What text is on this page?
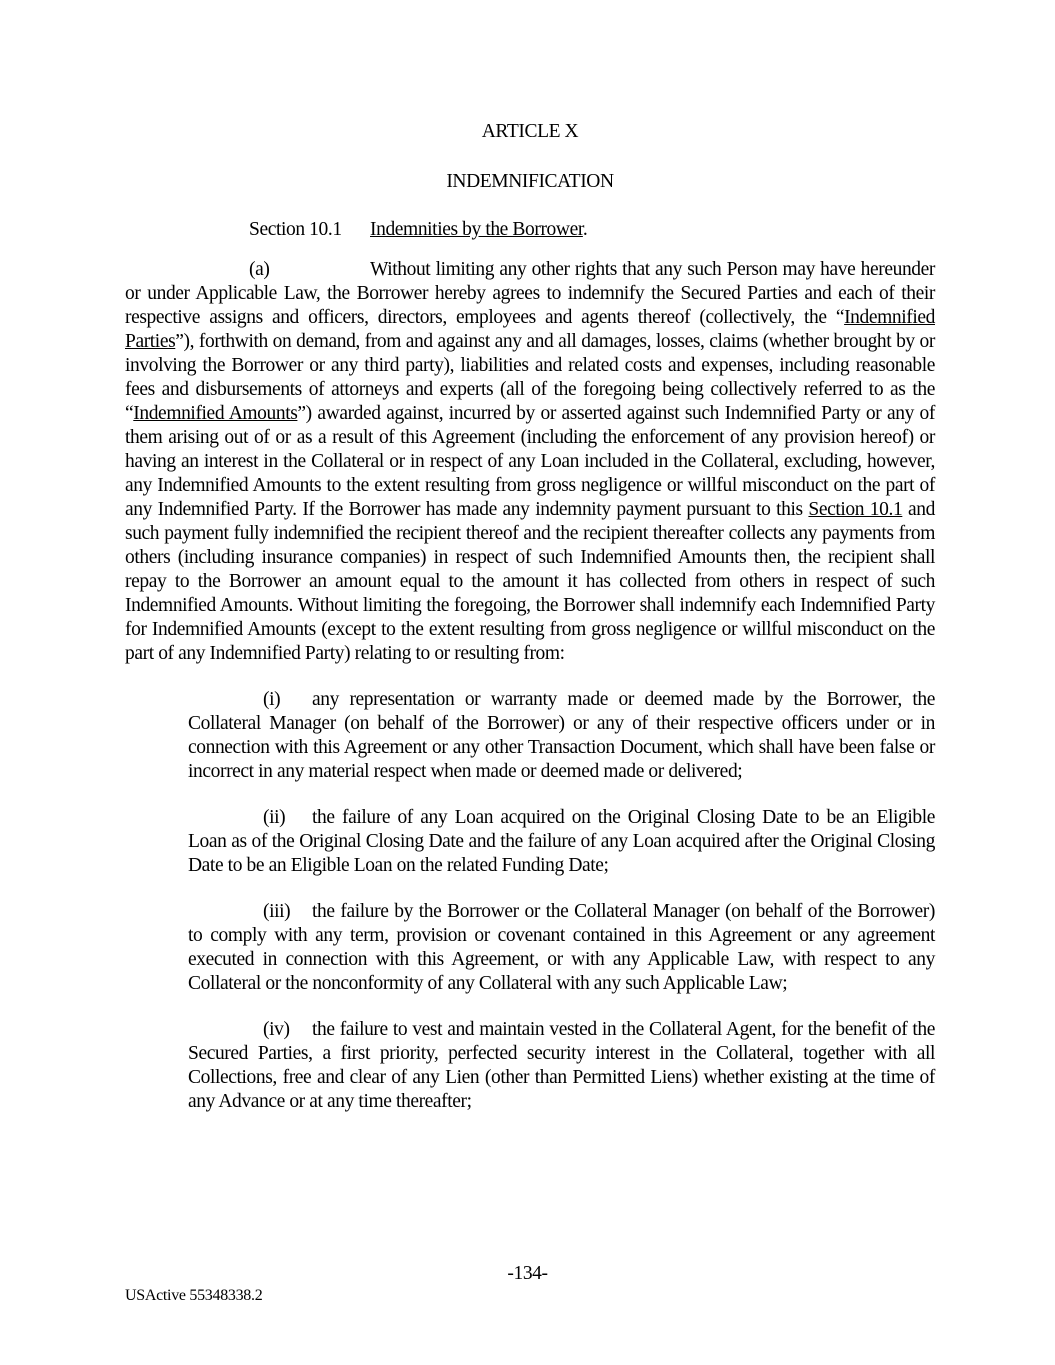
ARTICLE X
INDEMNIFICATION
Section 10.1 Indemnities by the Borrower.
(a)	Without limiting any other rights that any such Person may have hereunder or under Applicable Law, the Borrower hereby agrees to indemnify the Secured Parties and each of their respective assigns and officers, directors, employees and agents thereof (collectively, the “Indemnified Parties”), forthwith on demand, from and against any and all damages, losses, claims (whether brought by or involving the Borrower or any third party), liabilities and related costs and expenses, including reasonable fees and disbursements of attorneys and experts (all of the foregoing being collectively referred to as the “Indemnified Amounts”) awarded against, incurred by or asserted against such Indemnified Party or any of them arising out of or as a result of this Agreement (including the enforcement of any provision hereof) or having an interest in the Collateral or in respect of any Loan included in the Collateral, excluding, however, any Indemnified Amounts to the extent resulting from gross negligence or willful misconduct on the part of any Indemnified Party. If the Borrower has made any indemnity payment pursuant to this Section 10.1 and such payment fully indemnified the recipient thereof and the recipient thereafter collects any payments from others (including insurance companies) in respect of such Indemnified Amounts then, the recipient shall repay to the Borrower an amount equal to the amount it has collected from others in respect of such Indemnified Amounts. Without limiting the foregoing, the Borrower shall indemnify each Indemnified Party for Indemnified Amounts (except to the extent resulting from gross negligence or willful misconduct on the part of any Indemnified Party) relating to or resulting from:
(i) any representation or warranty made or deemed made by the Borrower, the Collateral Manager (on behalf of the Borrower) or any of their respective officers under or in connection with this Agreement or any other Transaction Document, which shall have been false or incorrect in any material respect when made or deemed made or delivered;
(ii) the failure of any Loan acquired on the Original Closing Date to be an Eligible Loan as of the Original Closing Date and the failure of any Loan acquired after the Original Closing Date to be an Eligible Loan on the related Funding Date;
(iii) the failure by the Borrower or the Collateral Manager (on behalf of the Borrower) to comply with any term, provision or covenant contained in this Agreement or any agreement executed in connection with this Agreement, or with any Applicable Law, with respect to any Collateral or the nonconformity of any Collateral with any such Applicable Law;
(iv) the failure to vest and maintain vested in the Collateral Agent, for the benefit of the Secured Parties, a first priority, perfected security interest in the Collateral, together with all Collections, free and clear of any Lien (other than Permitted Liens) whether existing at the time of any Advance or at any time thereafter;
-134-
USActive 55348338.2
